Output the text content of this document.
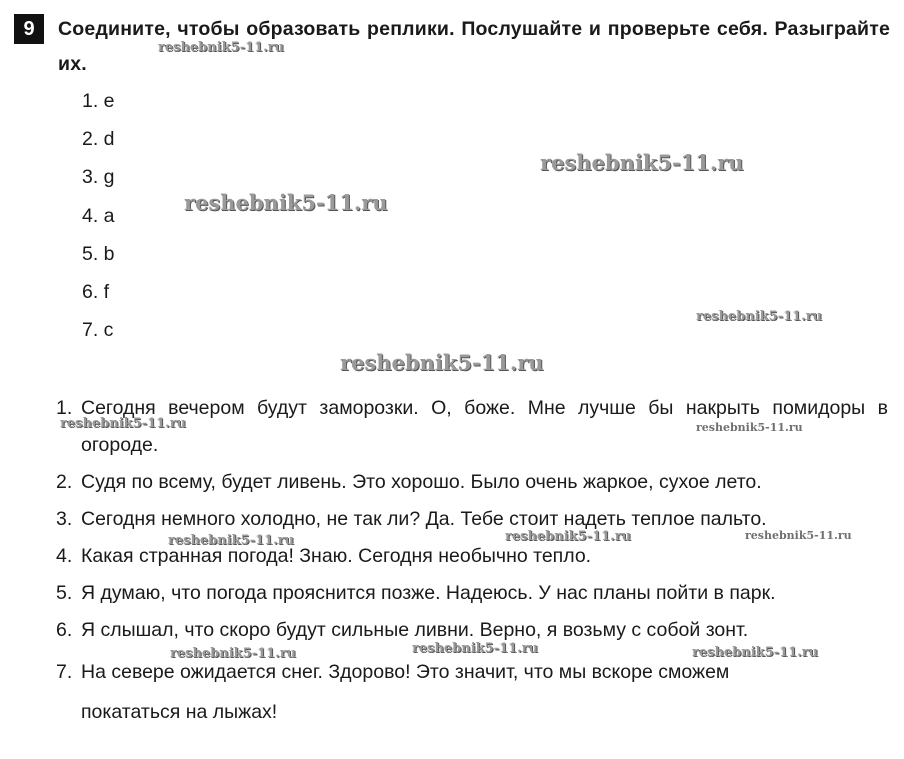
9	Соедините, чтобы образовать реплики. Послушайте и проверьте себя. Разыграйте их.

1. e
2. d
3. g
4. a
5. b
6. f
7. c
1. Сегодня вечером будут заморозки. О, боже. Мне лучше бы накрыть помидоры в огороде.
2. Судя по всему, будет ливень. Это хорошо. Было очень жаркое, сухое лето.
3. Сегодня немного холодно, не так ли? Да. Тебе стоит надеть теплое пальто.
4. Какая странная погода! Знаю. Сегодня необычно тепло.
5. Я думаю, что погода прояснится позже. Надеюсь. У нас планы пойти в парк.
6. Я слышал, что скоро будут сильные ливни. Верно, я возьму с собой зонт.
7. На севере ожидается снег. Здорово! Это значит, что мы вскоре сможем
покататься на лыжах!
reshebnik5-11.ru
reshebnik5-11.ru
reshebnik5-11.ru
reshebnik5-11.ru
reshebnik5-11.ru
reshebnik5-11.ru	reshebnik5-11.ru
reshebnik5-11.ru	reshebnik5-11.ru	reshebnik5-11.ru
reshebnik5-11.ru	reshebnik5-11.ru	reshebnik5-11.ru
